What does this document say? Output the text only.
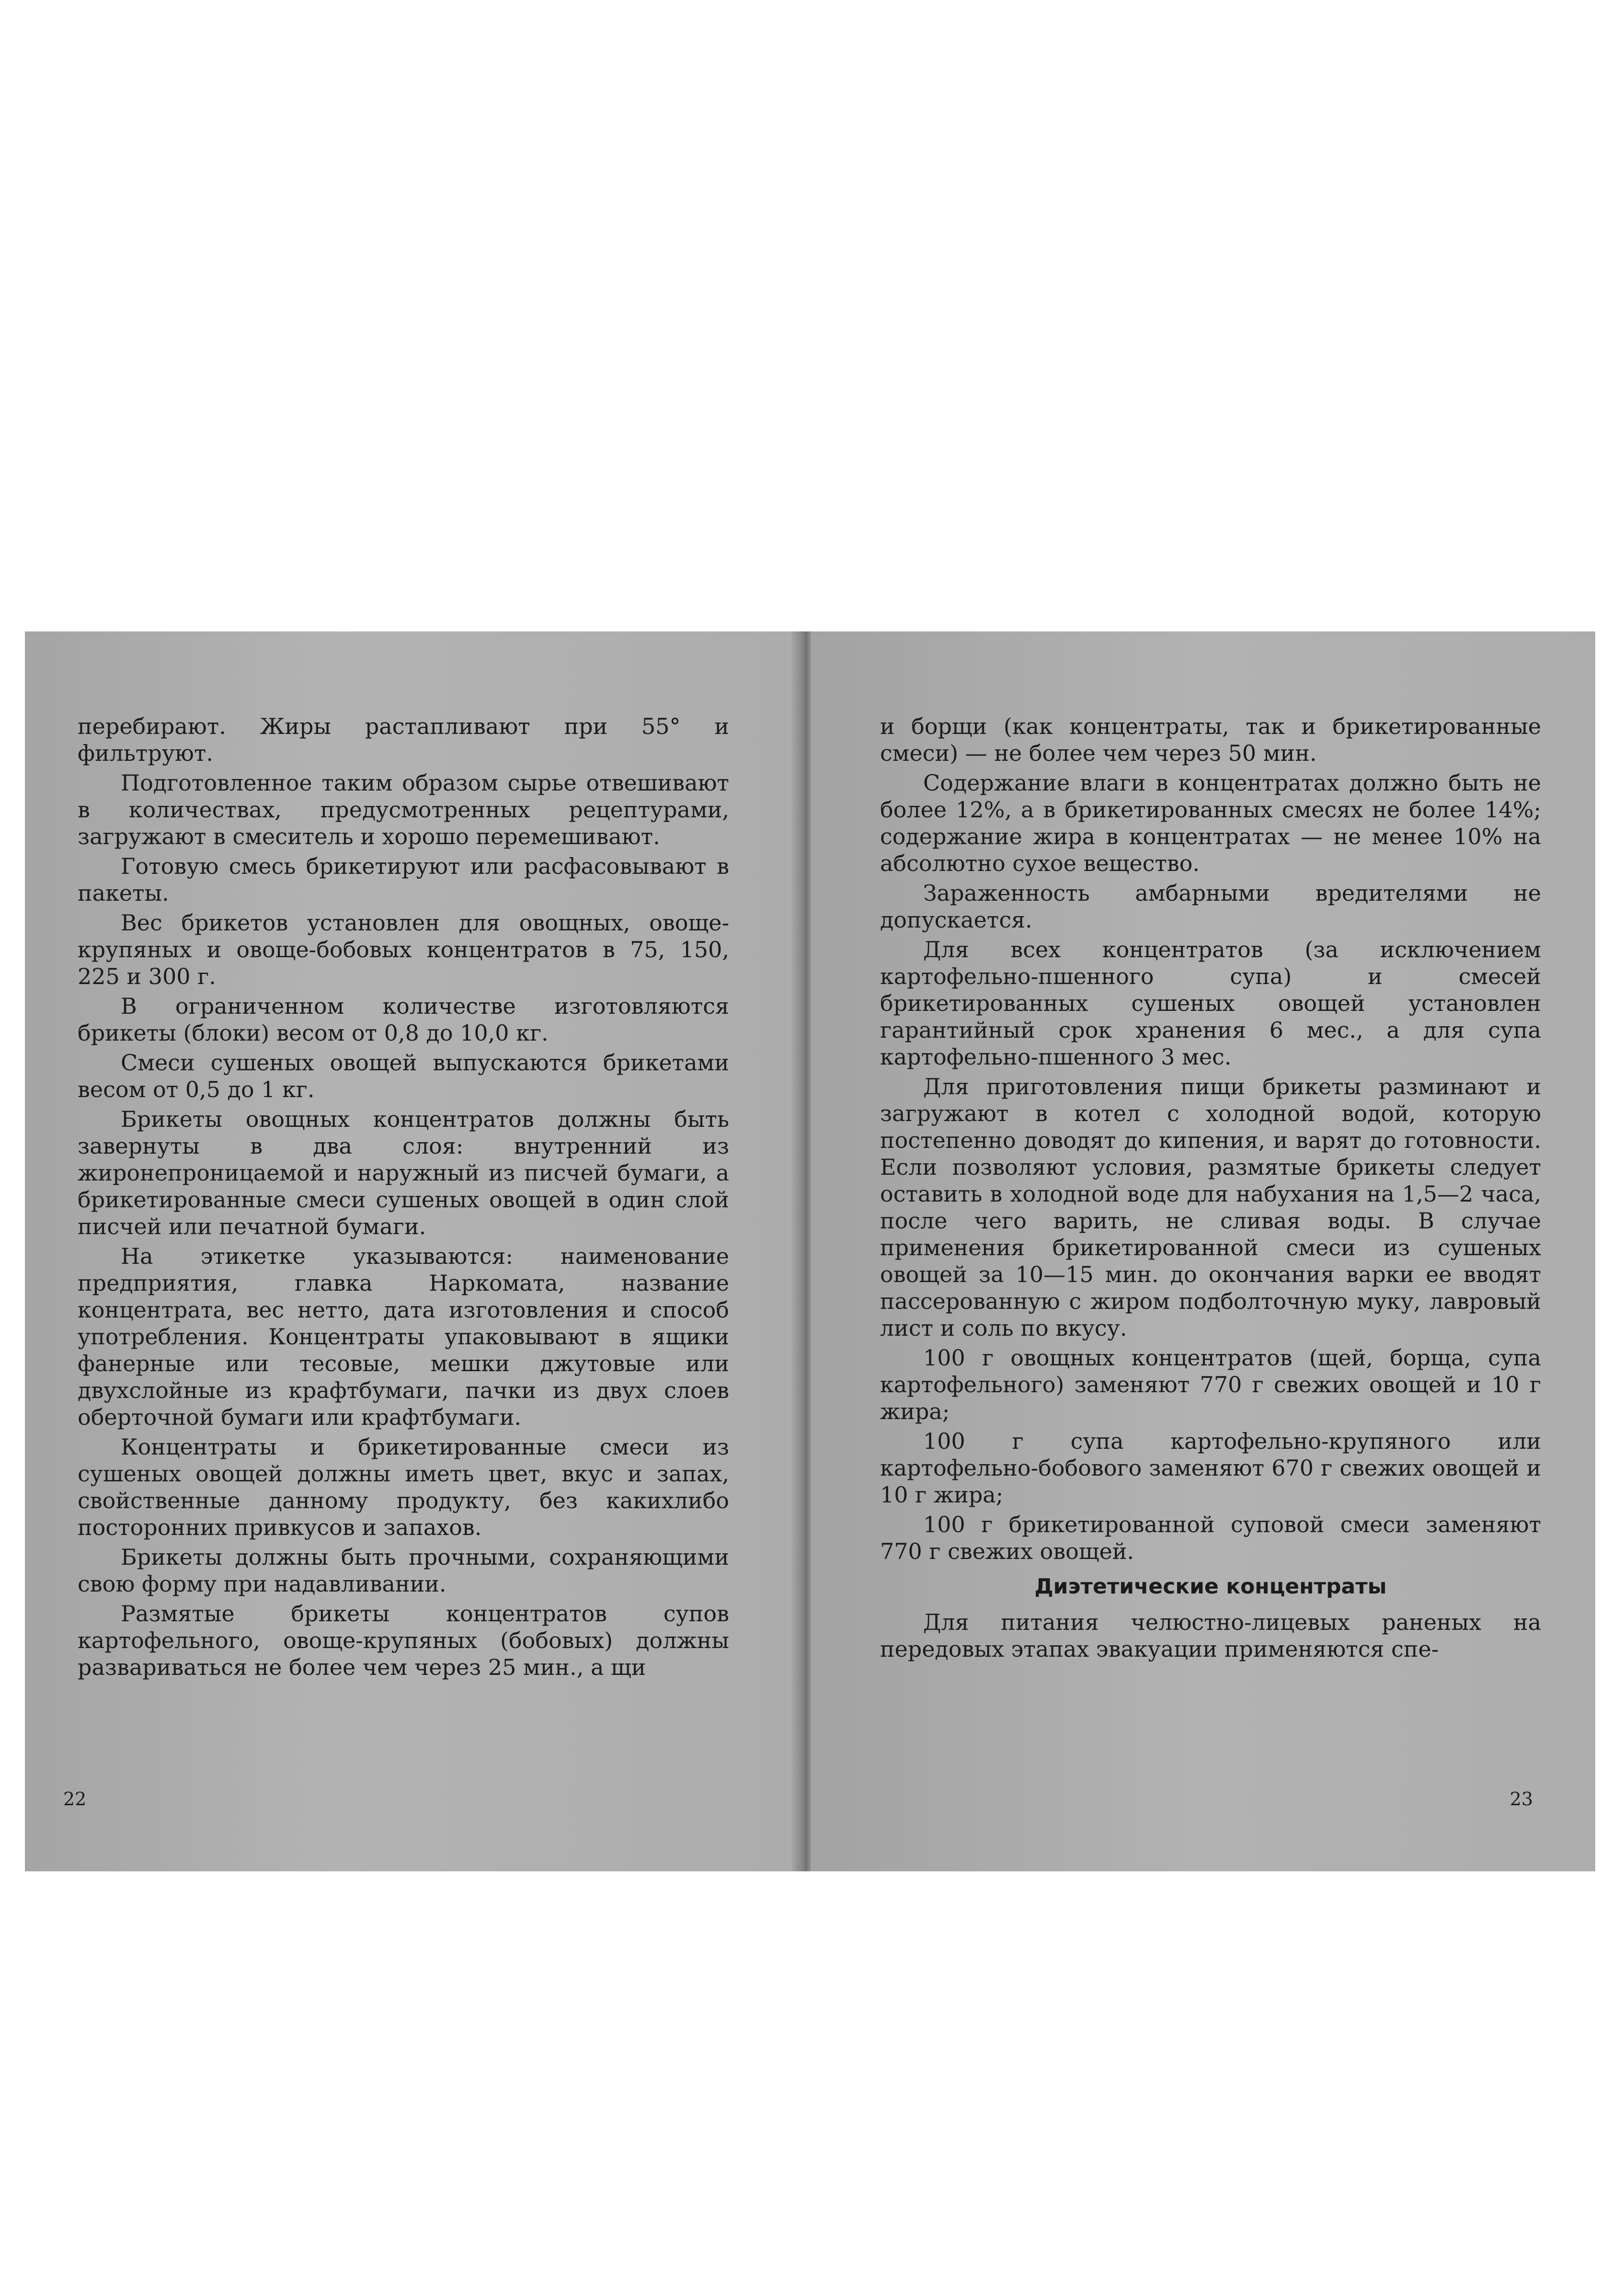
перебирают. Жиры растапливают при 55° и фильтруют.

Подготовленное таким образом сырье отвешивают в количествах, предусмотренных рецептурами, загружают в смеситель и хорошо перемешивают.

Готовую смесь брикетируют или расфасовывают в пакеты.

Вес брикетов установлен для овощных, овоще-крупяных и овоще-бобовых концентратов в 75, 150, 225 и 300 г.

В ограниченном количестве изготовляются брикеты (блоки) весом от 0,8 до 10,0 кг.

Смеси сушеных овощей выпускаются брикетами весом от 0,5 до 1 кг.

Брикеты овощных концентратов должны быть завернуты в два слоя: внутренний из жиронепроницаемой и наружный из писчей бумаги, а брикетированные смеси сушеных овощей в один слой писчей или печатной бумаги.

На этикетке указываются: наименование предприятия, главка Наркомата, название концентрата, вес нетто, дата изготовления и способ употребления. Концентраты упаковывают в ящики фанерные или тесовые, мешки джутовые или двухслойные из крафтбумаги, пачки из двух слоев оберточной бумаги или крафтбумаги.

Концентраты и брикетированные смеси из сушеных овощей должны иметь цвет, вкус и запах, свойственные данному продукту, без какихлибо посторонних привкусов и запахов.

Брикеты должны быть прочными, сохраняющими свою форму при надавливании.

Размятые брикеты концентратов супов картофельного, овоще-крупяных (бобовых) должны развариваться не более чем через 25 мин., а щи

22

и борщи (как концентраты, так и брикетированные смеси) — не более чем через 50 мин.

Содержание влаги в концентратах должно быть не более 12%, а в брикетированных смесях не более 14%; содержание жира в концентратах — не менее 10% на абсолютно сухое вещество.

Зараженность амбарными вредителями не допускается.

Для всех концентратов (за исключением картофельно-пшенного супа) и смесей брикетированных сушеных овощей установлен гарантийный срок хранения 6 мес., а для супа картофельно-пшенного 3 мес.

Для приготовления пищи брикеты разминают и загружают в котел с холодной водой, которую постепенно доводят до кипения, и варят до готовности. Если позволяют условия, размятые брикеты следует оставить в холодной воде для набухания на 1,5—2 часа, после чего варить, не сливая воды. В случае применения брикетированной смеси из сушеных овощей за 10—15 мин. до окончания варки ее вводят пассерованную с жиром подболточную муку, лавровый лист и соль по вкусу.

100 г овощных концентратов (щей, борща, супа картофельного) заменяют 770 г свежих овощей и 10 г жира;

100 г супа картофельно-крупяного или картофельно-бобового заменяют 670 г свежих овощей и 10 г жира;

100 г брикетированной суповой смеси заменяют 770 г свежих овощей.

Диэтетические концентраты

Для питания челюстно-лицевых раненых на передовых этапах эвакуации применяются спе-

23
